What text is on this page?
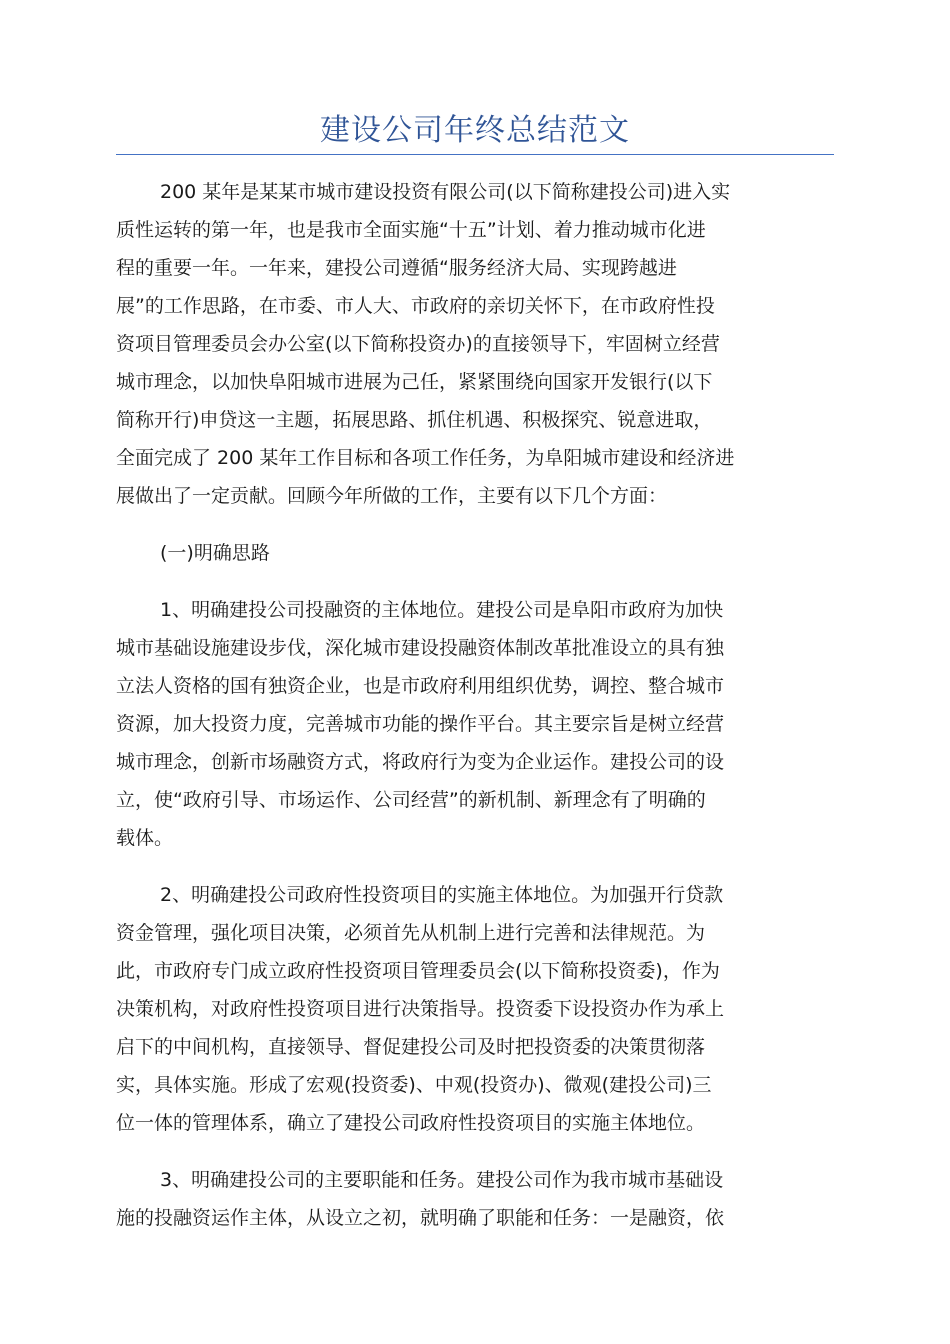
建设公司年终总结范文
200 某年是某某市城市建设投资有限公司(以下简称建投公司)进入实
质性运转的第一年，也是我市全面实施“十五”计划、着力推动城市化进
程的重要一年。一年来，建投公司遵循“服务经济大局、实现跨越进
展”的工作思路，在市委、市人大、市政府的亲切关怀下，在市政府性投
资项目管理委员会办公室(以下简称投资办)的直接领导下，牢固树立经营
城市理念，以加快阜阳城市进展为己任，紧紧围绕向国家开发银行(以下
简称开行)申贷这一主题，拓展思路、抓住机遇、积极探究、锐意进取，
全面完成了 200 某年工作目标和各项工作任务，为阜阳城市建设和经济进
展做出了一定贡献。回顾今年所做的工作，主要有以下几个方面：
(一)明确思路
1、明确建投公司投融资的主体地位。建投公司是阜阳市政府为加快
城市基础设施建设步伐，深化城市建设投融资体制改革批准设立的具有独
立法人资格的国有独资企业，也是市政府利用组织优势，调控、整合城市
资源，加大投资力度，完善城市功能的操作平台。其主要宗旨是树立经营
城市理念，创新市场融资方式，将政府行为变为企业运作。建投公司的设
立，使“政府引导、市场运作、公司经营”的新机制、新理念有了明确的
载体。
2、明确建投公司政府性投资项目的实施主体地位。为加强开行贷款
资金管理，强化项目决策，必须首先从机制上进行完善和法律规范。为
此，市政府专门成立政府性投资项目管理委员会(以下简称投资委)，作为
决策机构，对政府性投资项目进行决策指导。投资委下设投资办作为承上
启下的中间机构，直接领导、督促建投公司及时把投资委的决策贯彻落
实，具体实施。形成了宏观(投资委)、中观(投资办)、微观(建投公司)三
位一体的管理体系，确立了建投公司政府性投资项目的实施主体地位。
3、明确建投公司的主要职能和任务。建投公司作为我市城市基础设
施的投融资运作主体，从设立之初，就明确了职能和任务：一是融资，依
